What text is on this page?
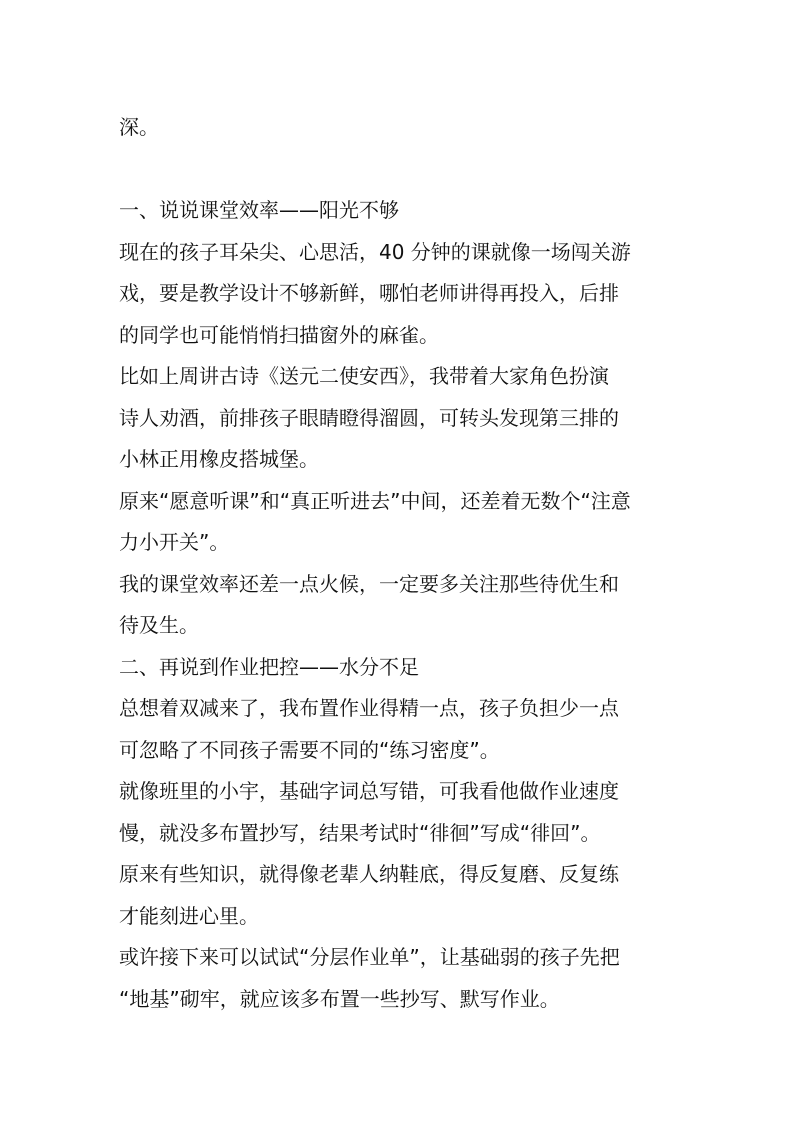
深。
一、说说课堂效率——阳光不够
现在的孩子耳朵尖、心思活，40 分钟的课就像一场闯关游
戏，要是教学设计不够新鲜，哪怕老师讲得再投入，后排
的同学也可能悄悄扫描窗外的麻雀。
比如上周讲古诗《送元二使安西》，我带着大家角色扮演
诗人劝酒，前排孩子眼睛瞪得溜圆，可转头发现第三排的
小林正用橡皮搭城堡。
原来“愿意听课”和“真正听进去”中间，还差着无数个“注意
力小开关”。
我的课堂效率还差一点火候，一定要多关注那些待优生和
待及生。
二、再说到作业把控——水分不足
总想着双减来了，我布置作业得精一点，孩子负担少一点
可忽略了不同孩子需要不同的“练习密度”。
就像班里的小宇，基础字词总写错，可我看他做作业速度
慢，就没多布置抄写，结果考试时“徘徊”写成“徘回”。
原来有些知识，就得像老辈人纳鞋底，得反复磨、反复练
才能刻进心里。
或许接下来可以试试“分层作业单”，让基础弱的孩子先把
“地基”砌牢，就应该多布置一些抄写、默写作业。
